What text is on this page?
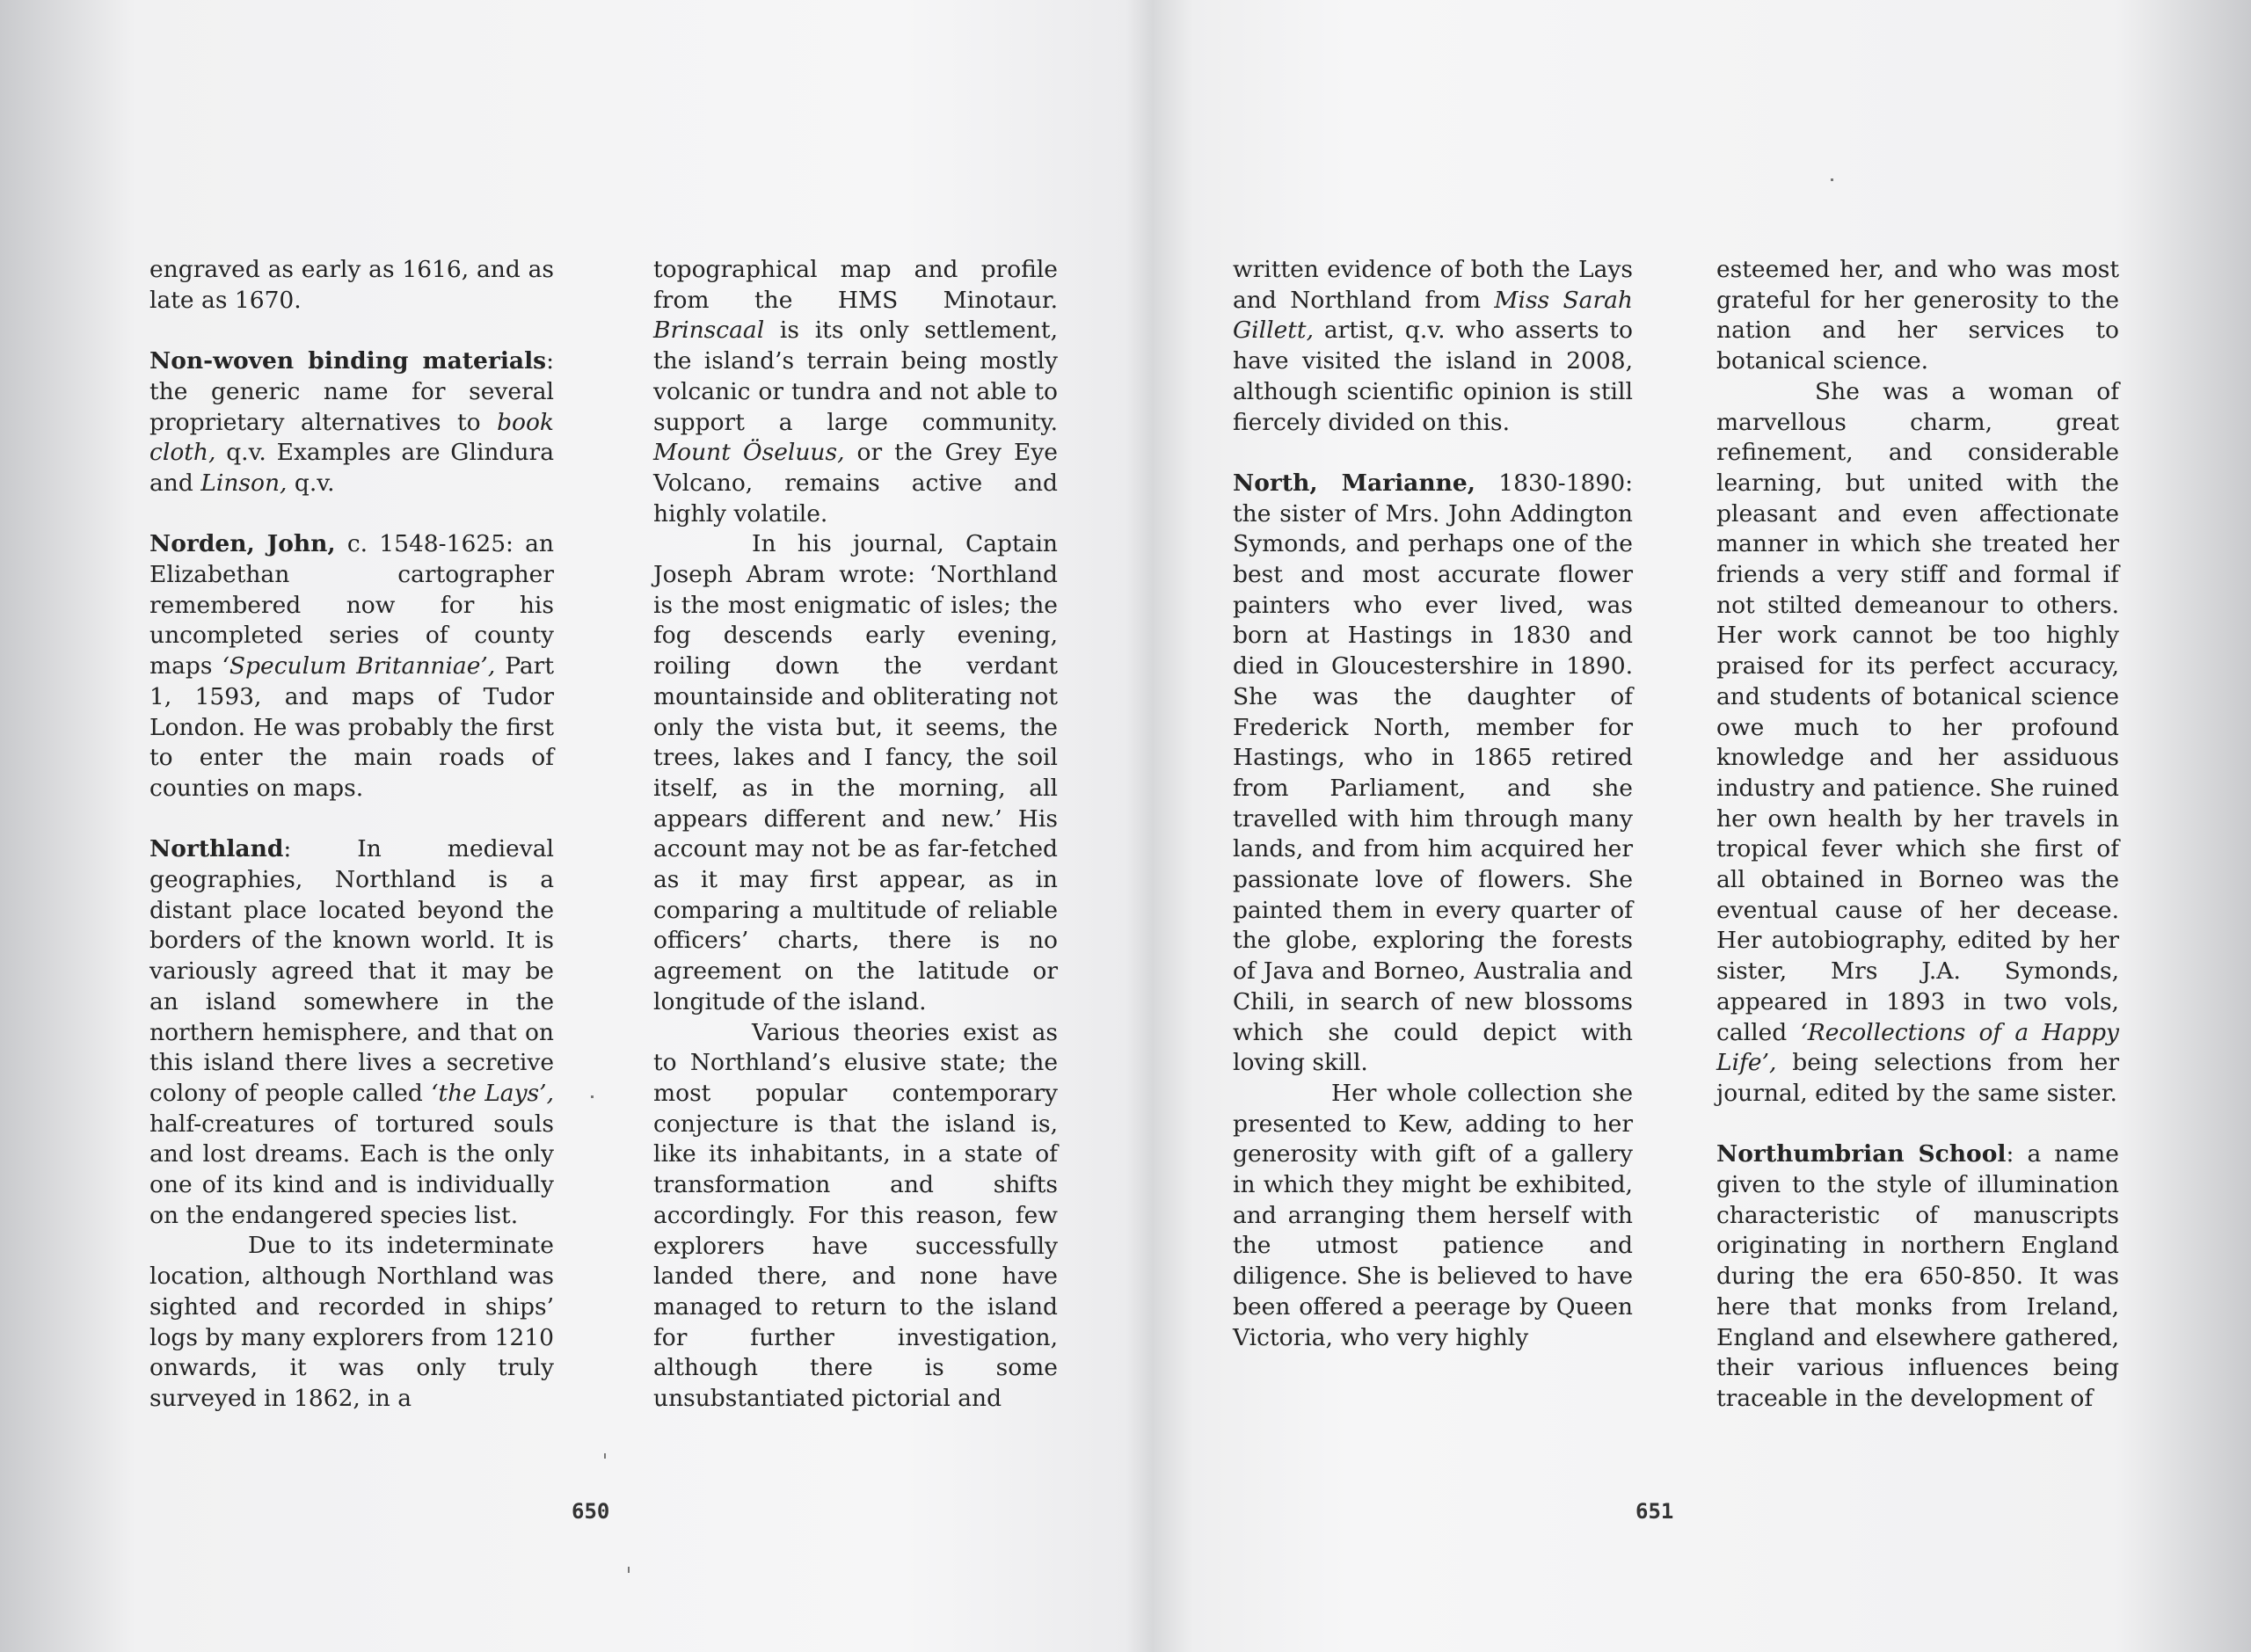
engraved as early as 1616, and as late as 1670.

Non-woven binding materials: the generic name for several proprietary alternatives to book cloth, q.v. Examples are Glindura and Linson, q.v.

Norden, John, c. 1548-1625: an Elizabethan cartographer remembered now for his uncompleted series of county maps ‘Speculum Britanniae’, Part 1, 1593, and maps of Tudor London. He was probably the first to enter the main roads of counties on maps.

Northland: In medieval geographies, Northland is a distant place located beyond the borders of the known world. It is variously agreed that it may be an island somewhere in the northern hemisphere, and that on this island there lives a secretive colony of people called ‘the Lays’, half-creatures of tortured souls and lost dreams. Each is the only one of its kind and is individually on the endangered species list.

Due to its indeterminate location, although Northland was sighted and recorded in ships’ logs by many explorers from 1210 onwards, it was only truly surveyed in 1862, in a

topographical map and profile from the HMS Minotaur. Brinscaal is its only settlement, the island’s terrain being mostly volcanic or tundra and not able to support a large community. Mount Öseluus, or the Grey Eye Volcano, remains active and highly volatile.

In his journal, Captain Joseph Abram wrote: ‘Northland is the most enigmatic of isles; the fog descends early evening, roiling down the verdant mountainside and obliterating not only the vista but, it seems, the trees, lakes and I fancy, the soil itself, as in the morning, all appears different and new.’ His account may not be as far-fetched as it may first appear, as in comparing a multitude of reliable officers’ charts, there is no agreement on the latitude or longitude of the island.

Various theories exist as to Northland’s elusive state; the most popular contemporary conjecture is that the island is, like its inhabitants, in a state of transformation and shifts accordingly. For this reason, few explorers have successfully landed there, and none have managed to return to the island for further investigation, although there is some unsubstantiated pictorial and

650

written evidence of both the Lays and Northland from Miss Sarah Gillett, artist, q.v. who asserts to have visited the island in 2008, although scientific opinion is still fiercely divided on this.

North, Marianne, 1830-1890: the sister of Mrs. John Addington Symonds, and perhaps one of the best and most accurate flower painters who ever lived, was born at Hastings in 1830 and died in Gloucestershire in 1890. She was the daughter of Frederick North, member for Hastings, who in 1865 retired from Parliament, and she travelled with him through many lands, and from him acquired her passionate love of flowers. She painted them in every quarter of the globe, exploring the forests of Java and Borneo, Australia and Chili, in search of new blossoms which she could depict with loving skill.

Her whole collection she presented to Kew, adding to her generosity with gift of a gallery in which they might be exhibited, and arranging them herself with the utmost patience and diligence. She is believed to have been offered a peerage by Queen Victoria, who very highly

esteemed her, and who was most grateful for her generosity to the nation and her services to botanical science.

She was a woman of marvellous charm, great refinement, and considerable learning, but united with the pleasant and even affectionate manner in which she treated her friends a very stiff and formal if not stilted demeanour to others. Her work cannot be too highly praised for its perfect accuracy, and students of botanical science owe much to her profound knowledge and her assiduous industry and patience. She ruined her own health by her travels in tropical fever which she first of all obtained in Borneo was the eventual cause of her decease. Her autobiography, edited by her sister, Mrs J.A. Symonds, appeared in 1893 in two vols, called ‘Recollections of a Happy Life’, being selections from her journal, edited by the same sister.

Northumbrian School: a name given to the style of illumination characteristic of manuscripts originating in northern England during the era 650-850. It was here that monks from Ireland, England and elsewhere gathered, their various influences being traceable in the development of

651
